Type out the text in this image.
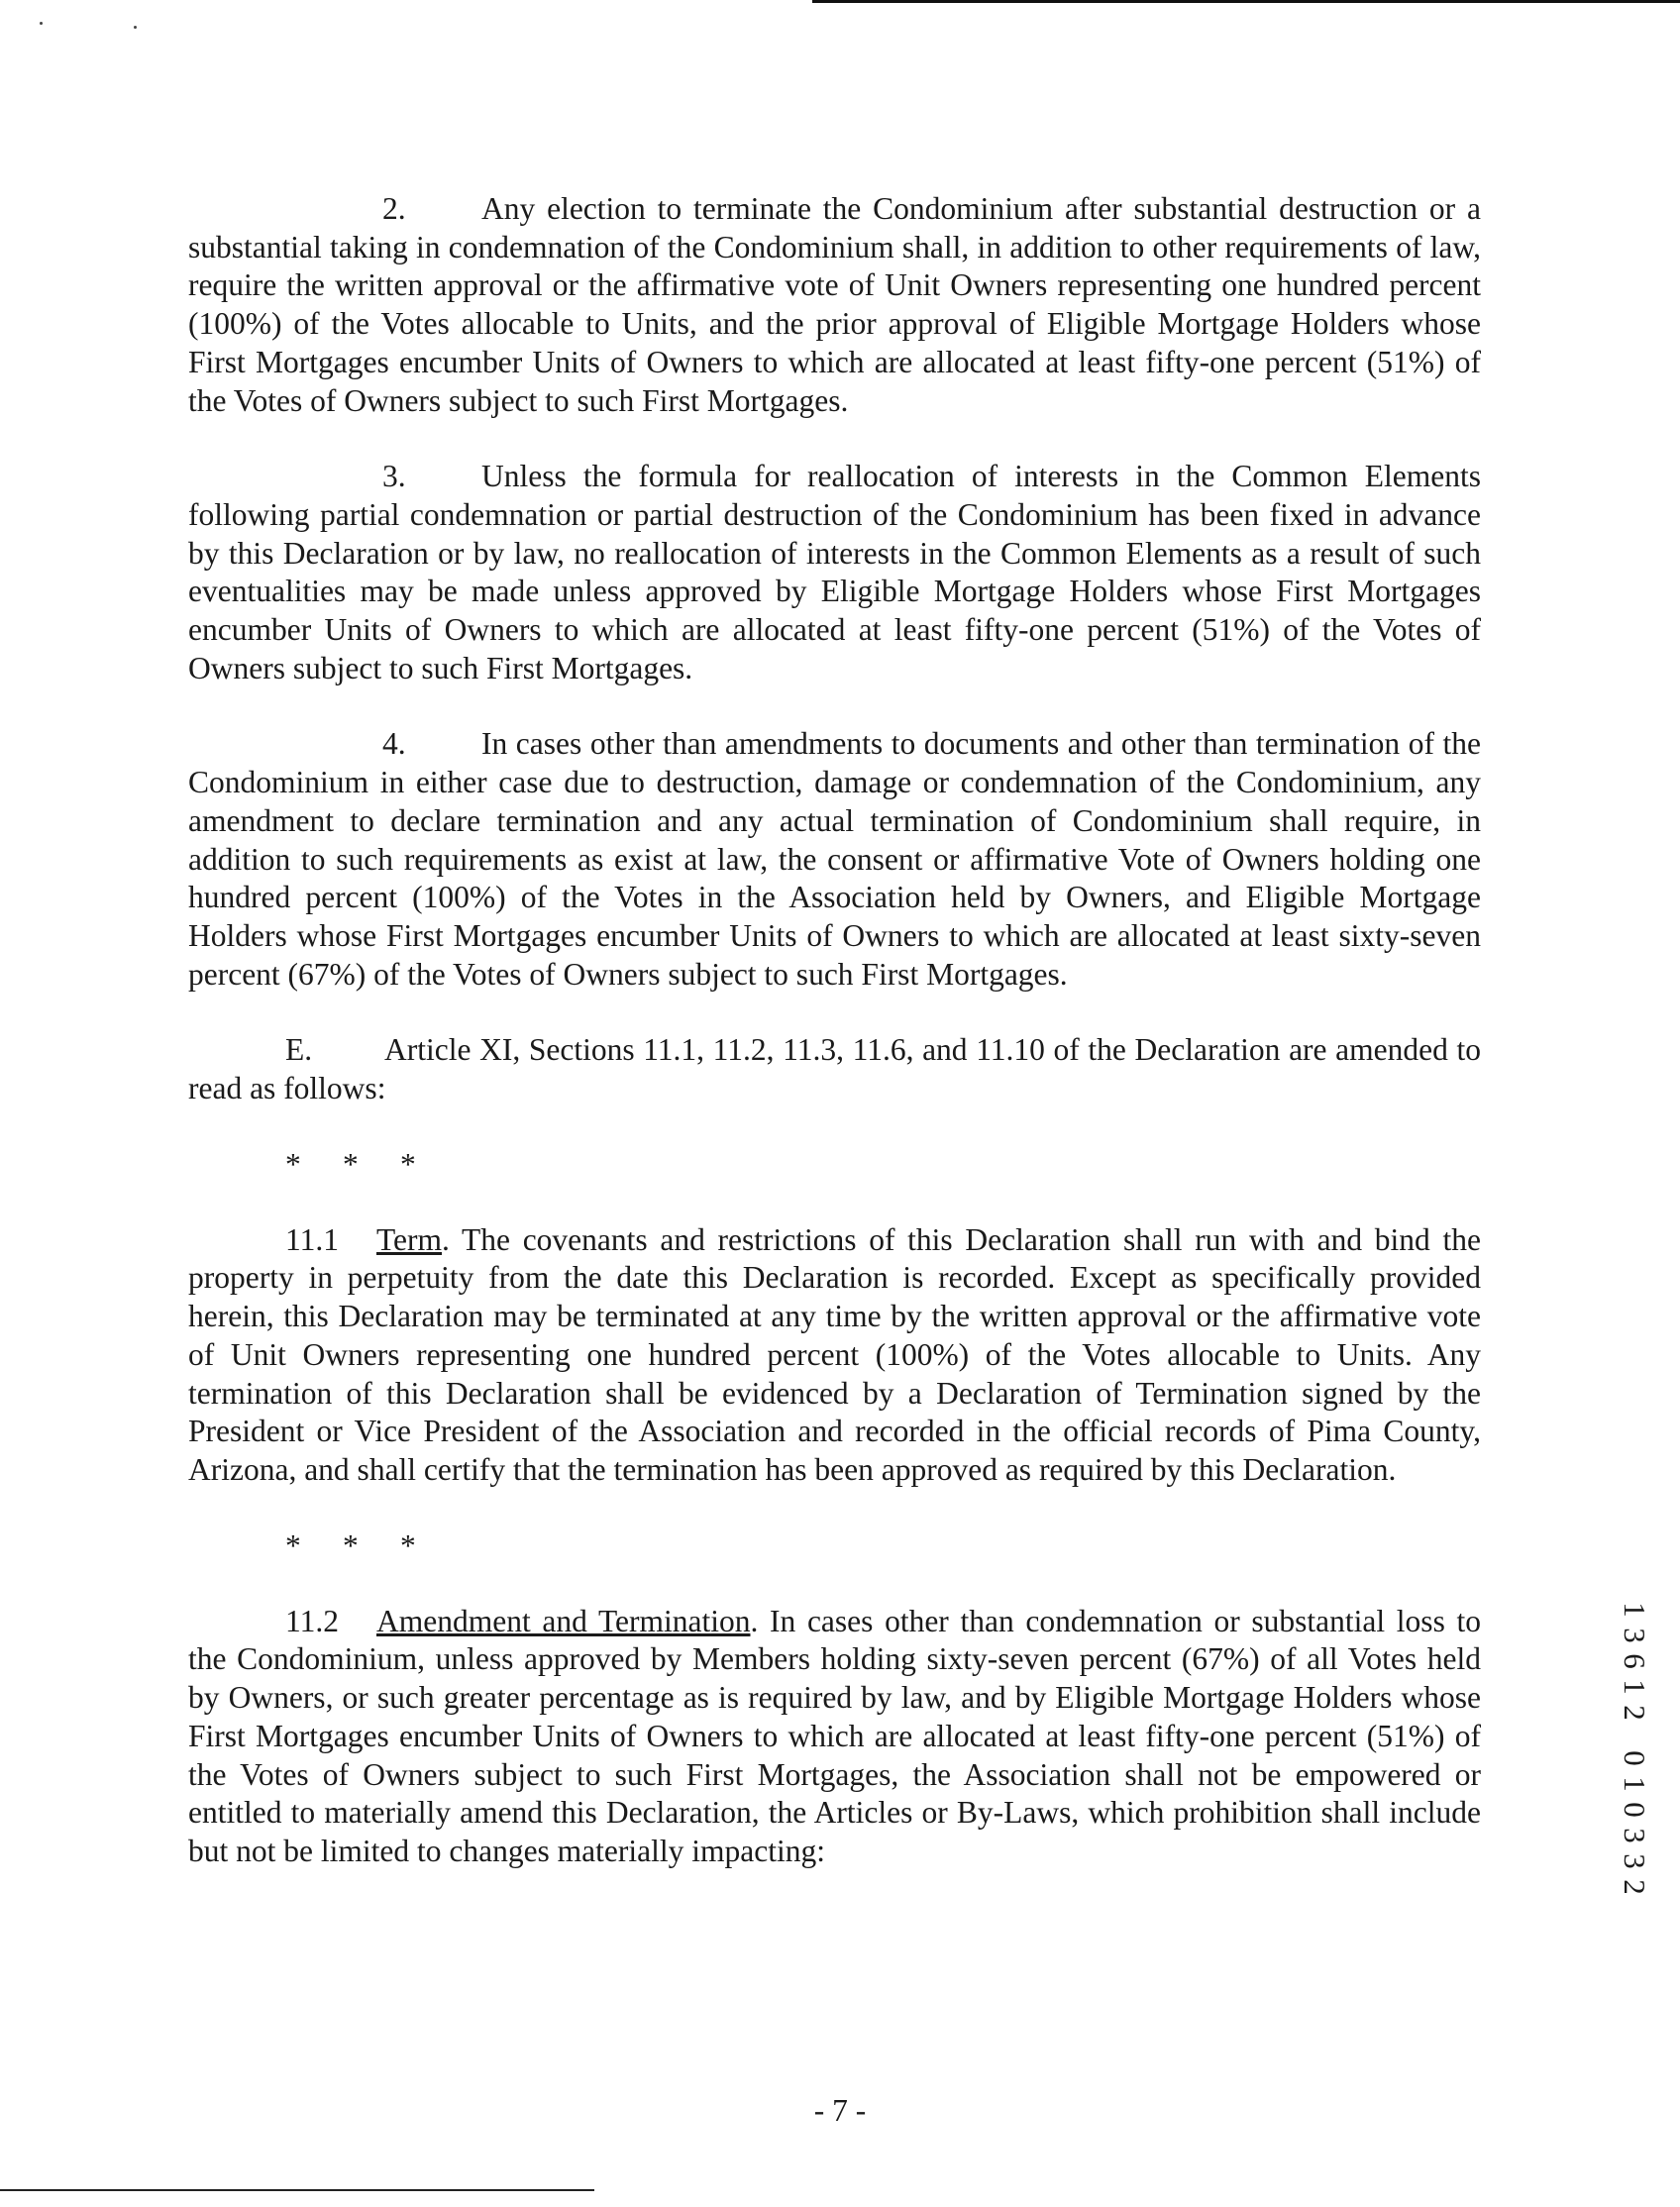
2. Any election to terminate the Condominium after substantial destruction or a substantial taking in condemnation of the Condominium shall, in addition to other requirements of law, require the written approval or the affirmative vote of Unit Owners representing one hundred percent (100%) of the Votes allocable to Units, and the prior approval of Eligible Mortgage Holders whose First Mortgages encumber Units of Owners to which are allocated at least fifty-one percent (51%) of the Votes of Owners subject to such First Mortgages.

3. Unless the formula for reallocation of interests in the Common Elements following partial condemnation or partial destruction of the Condominium has been fixed in advance by this Declaration or by law, no reallocation of interests in the Common Elements as a result of such eventualities may be made unless approved by Eligible Mortgage Holders whose First Mortgages encumber Units of Owners to which are allocated at least fifty-one percent (51%) of the Votes of Owners subject to such First Mortgages.

4. In cases other than amendments to documents and other than termination of the Condominium in either case due to destruction, damage or condemnation of the Condominium, any amendment to declare termination and any actual termination of Condominium shall require, in addition to such requirements as exist at law, the consent or affirmative Vote of Owners holding one hundred percent (100%) of the Votes in the Association held by Owners, and Eligible Mortgage Holders whose First Mortgages encumber Units of Owners to which are allocated at least sixty-seven percent (67%) of the Votes of Owners subject to such First Mortgages.

E. Article XI, Sections 11.1, 11.2, 11.3, 11.6, and 11.10 of the Declaration are amended to read as follows:

* * *

11.1 Term. The covenants and restrictions of this Declaration shall run with and bind the property in perpetuity from the date this Declaration is recorded. Except as specifically provided herein, this Declaration may be terminated at any time by the written approval or the affirmative vote of Unit Owners representing one hundred percent (100%) of the Votes allocable to Units. Any termination of this Declaration shall be evidenced by a Declaration of Termination signed by the President or Vice President of the Association and recorded in the official records of Pima County, Arizona, and shall certify that the termination has been approved as required by this Declaration.

* * *

11.2 Amendment and Termination. In cases other than condemnation or substantial loss to the Condominium, unless approved by Members holding sixty-seven percent (67%) of all Votes held by Owners, or such greater percentage as is required by law, and by Eligible Mortgage Holders whose First Mortgages encumber Units of Owners to which are allocated at least fifty-one percent (51%) of the Votes of Owners subject to such First Mortgages, the Association shall not be empowered or entitled to materially amend this Declaration, the Articles or By-Laws, which prohibition shall include but not be limited to changes materially impacting:

1
3
6
1
2
0
1
0
3
3
2
- 7 -
